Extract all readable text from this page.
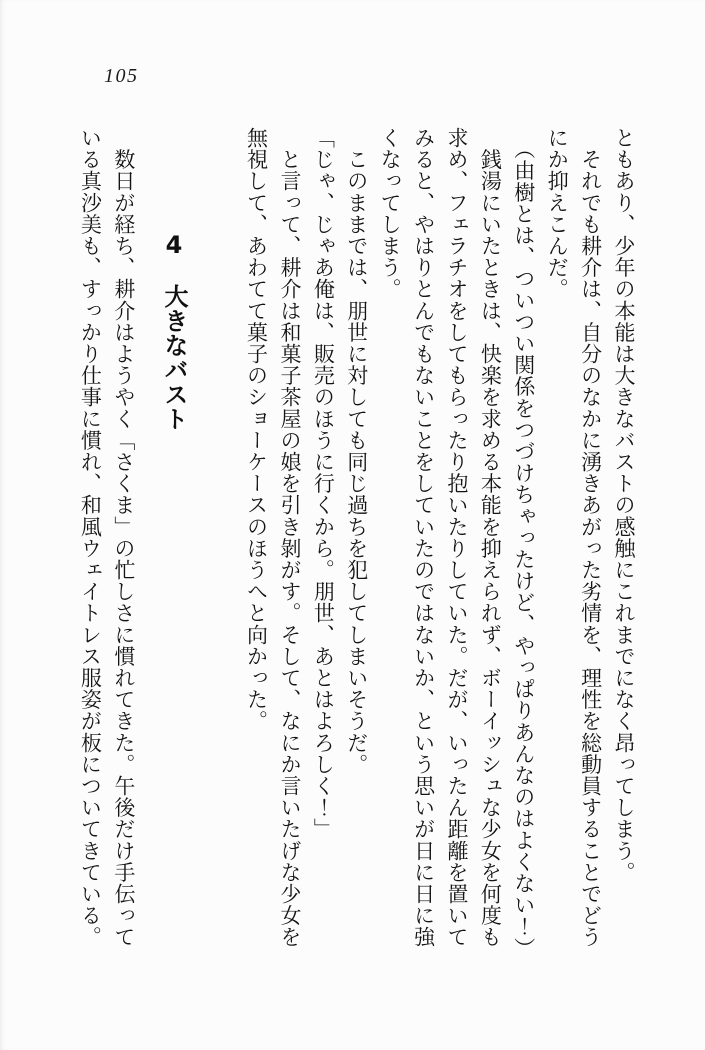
105
ともあり、少年の本能は大きなバストの感触にこれまでになく昂ってしまう。
　それでも耕介は、自分のなかに湧きあがった劣情を、理性を総動員することでどう
にか抑えこんだ。
　（由樹とは、ついつい関係をつづけちゃったけど、やっぱりあんなのはよくない！）
　銭湯にいたときは、快楽を求める本能を抑えられず、ボーイッシュな少女を何度も
求め、フェラチオをしてもらったり抱いたりしていた。だが、いったん距離を置いて
みると、やはりとんでもないことをしていたのではないか、という思いが日に日に強
くなってしまう。
　このままでは、朋世に対しても同じ過ちを犯してしまいそうだ。
「じゃ、じゃあ俺は、販売のほうに行くから。朋世、あとはよろしく！」
　と言って、耕介は和菓子茶屋の娘を引き剝がす。そして、なにか言いたげな少女を
無視して、あわてて菓子のショーケースのほうへと向かった。
4　大きなバスト
　数日が経ち、耕介はようやく「さくま」の忙しさに慣れてきた。午後だけ手伝って
いる真沙美も、すっかり仕事に慣れ、和風ウェイトレス服姿が板についてきている。
